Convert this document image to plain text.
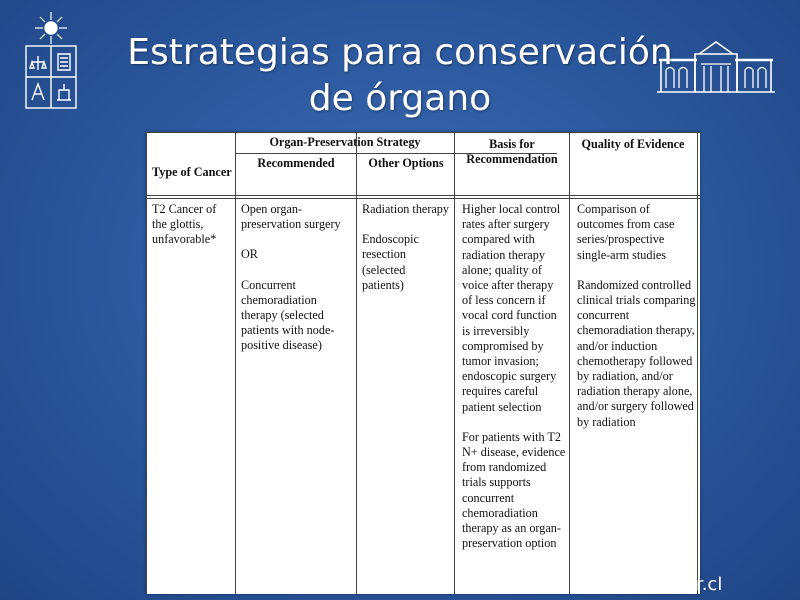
Estrategias para conservación
de órgano
Type of Cancer
Organ-Preservation Strategy
Recommended	Other Options
Basis for Recommendation
Quality of Evidence
T2 Cancer of the glottis, unfavorable*
Open organ-preservation surgery
OR
Concurrent chemoradiation therapy (selected patients with node-positive disease)
Radiation therapy
Endoscopic resection (selected patients)
Higher local control rates after surgery compared with radiation therapy alone; quality of voice after therapy of less concern if vocal cord function is irreversibly compromised by tumor invasion; endoscopic surgery requires careful patient selection
For patients with T2 N+ disease, evidence from randomized trials supports concurrent chemoradiation therapy as an organ-preservation option
Comparison of outcomes from case series/prospective single-arm studies
Randomized controlled clinical trials comparing concurrent chemoradiation therapy, and/or induction chemotherapy followed by radiation, and/or radiation therapy alone, and/or surgery followed by radiation
gsalvador.cl
